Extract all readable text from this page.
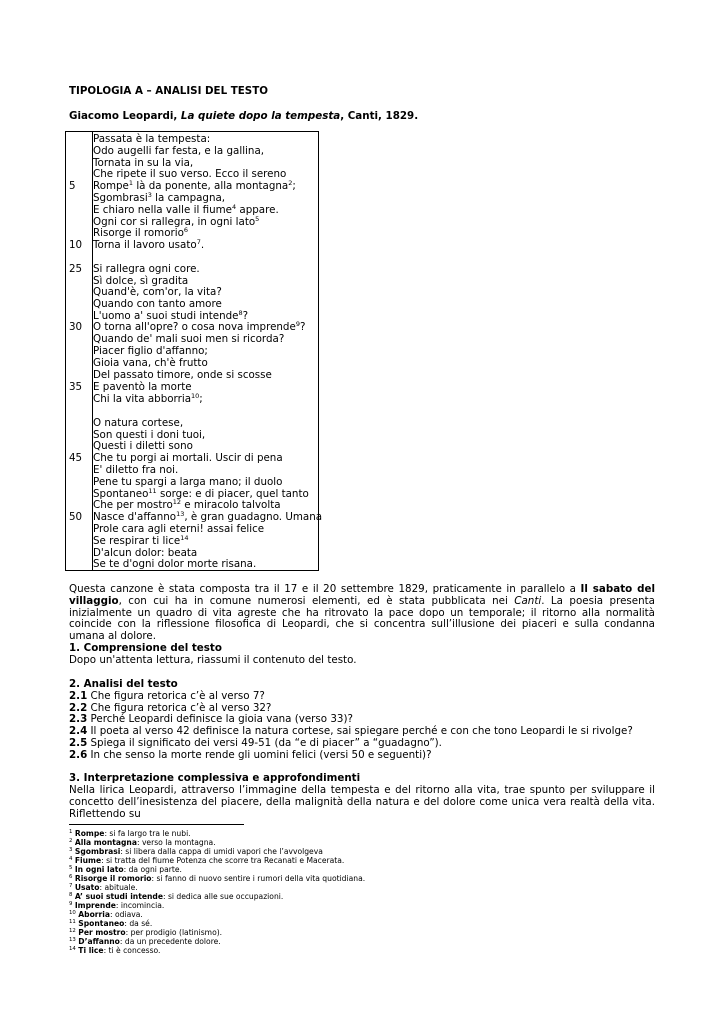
TIPOLOGIA A – ANALISI DEL TESTO
Giacomo Leopardi, La quiete dopo la tempesta, Canti, 1829.
5
10
25
30
35
45
50
Passata è la tempesta:
Odo augelli far festa, e la gallina,
Tornata in su la via,
Che ripete il suo verso. Ecco il sereno
Rompe$^1$ là da ponente, alla montagna$^2$;
Sgombrasi$^3$ la campagna,
E chiaro nella valle il fiume$^4$ appare.
Ogni cor si rallegra, in ogni lato$^5$
Risorge il romorio$^6$
Torna il lavoro usato$^7$.
Si rallegra ogni core.
Sì dolce, sì gradita
Quand'è, com'or, la vita?
Quando con tanto amore
L'uomo a' suoi studi intende$^8$?
O torna all'opre? o cosa nova imprende$^9$?
Quando de' mali suoi men si ricorda?
Piacer figlio d'affanno;
Gioia vana, ch'è frutto
Del passato timore, onde si scosse
E paventò la morte
Chi la vita abborria$^{10}$;
O natura cortese,
Son questi i doni tuoi,
Questi i diletti sono
Che tu porgi ai mortali. Uscir di pena
E' diletto fra noi.
Pene tu spargi a larga mano; il duolo
Spontaneo$^{11}$ sorge: e di piacer, quel tanto
Che per mostro$^{12}$ e miracolo talvolta
Nasce d'affanno$^{13}$, è gran guadagno. Umana
Prole cara agli eterni! assai felice
Se respirar ti lice$^{14}$
D'alcun dolor: beata
Se te d'ogni dolor morte risana.
Questa canzone è stata composta tra il 17 e il 20 settembre 1829, praticamente in parallelo a Il sabato del villaggio, con cui ha in comune numerosi elementi, ed è stata pubblicata nei Canti. La poesia presenta inizialmente un quadro di vita agreste che ha ritrovato la pace dopo un temporale; il ritorno alla normalità coincide con la riflessione filosofica di Leopardi, che si concentra sull’illusione dei piaceri e sulla condanna umana al dolore.
1. Comprensione del testo
Dopo un'attenta lettura, riassumi il contenuto del testo.
2. Analisi del testo
2.1 Che figura retorica c’è al verso 7?
2.2 Che figura retorica c’è al verso 32?
2.3 Perché Leopardi definisce la gioia vana (verso 33)?
2.4 Il poeta al verso 42 definisce la natura cortese, sai spiegare perché e con che tono Leopardi le si rivolge?
2.5 Spiega il significato dei versi 49-51 (da “e di piacer” a “guadagno”).
2.6 In che senso la morte rende gli uomini felici (versi 50 e seguenti)?
3. Interpretazione complessiva e approfondimenti
Nella lirica Leopardi, attraverso l’immagine della tempesta e del ritorno alla vita, trae spunto per sviluppare il concetto dell’inesistenza del piacere, della malignità della natura e del dolore come unica vera realtà della vita. Riflettendo su
$^1$ Rompe: si fa largo tra le nubi.
$^2$ Alla montagna: verso la montagna.
$^3$ Sgombrasi: si libera dalla cappa di umidi vapori che l’avvolgeva
$^4$ Fiume: si tratta del fiume Potenza che scorre tra Recanati e Macerata.
$^5$ In ogni lato: da ogni parte.
$^6$ Risorge il romorio: si fanno di nuovo sentire i rumori della vita quotidiana.
$^7$ Usato: abituale.
$^8$ A’ suoi studi intende: si dedica alle sue occupazioni.
$^9$ Imprende: incomincia.
$^{10}$ Aborria: odiava.
$^{11}$ Spontaneo: da sé.
$^{12}$ Per mostro: per prodigio (latinismo).
$^{13}$ D’affanno: da un precedente dolore.
$^{14}$ Ti lice: ti è concesso.
